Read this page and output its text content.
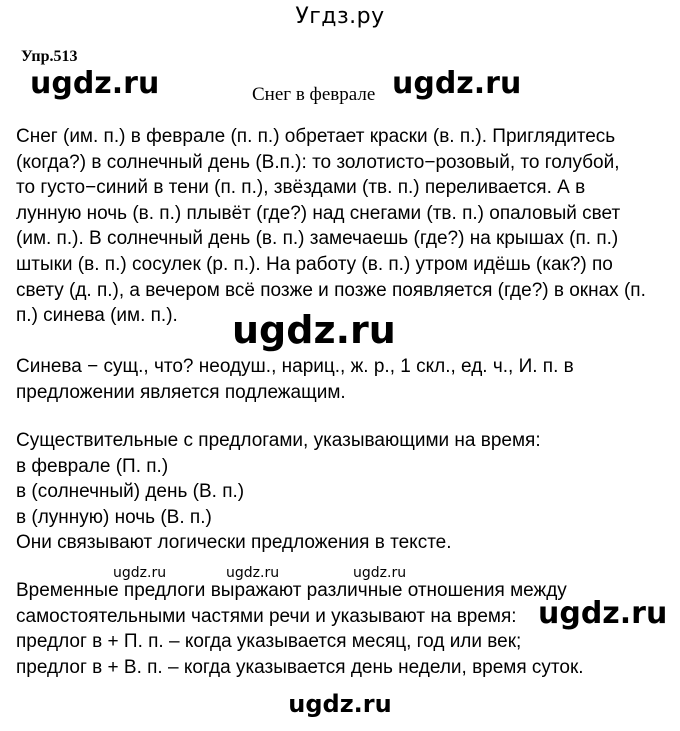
Угдз.ру
Упр.513
ugdz.ru	Снег в феврале ugdz.ru
Снег (им. п.) в феврале (п. п.) обретает краски (в. п.). Приглядитесь
(когда?) в солнечный день (В.п.): то золотисто−розовый, то голубой,
то густо−синий в тени (п. п.), звёздами (тв. п.) переливается. А в
лунную ночь (в. п.) плывёт (где?) над снегами (тв. п.) опаловый свет
(им. п.). В солнечный день (в. п.) замечаешь (где?) на крышах (п. п.)
штыки (в. п.) сосулек (р. п.). На работу (в. п.) утром идёшь (как?) по
свету (д. п.), а вечером всё позже и позже появляется (где?) в окнах (п.
п.) синева (им. п.).	ugdz.ru
Синева − сущ., что? неодуш., нариц., ж. р., 1 скл., ед. ч., И. п. в
предложении является подлежащим.
Существительные с предлогами, указывающими на время:
в феврале (П. п.)
в (солнечный) день (В. п.)
в (лунную) ночь (В. п.)
Они связывают логически предложения в тексте.
ugdz.ru	ugdz.ru	ugdz.ru
Временные предлоги выражают различные отношения между
самостоятельными частями речи и указывают на время:
предлог в + П. п. – когда указывается месяц, год или век;
предлог в + В. п. – когда указывается день недели, время суток.
ugdz.ru
ugdz.ru
